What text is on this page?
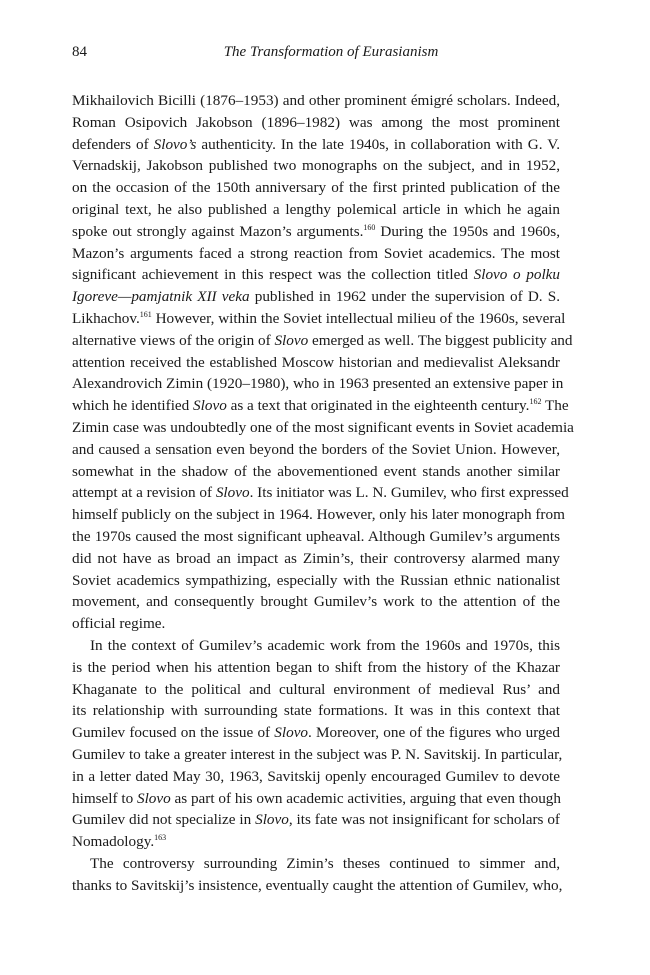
84	The Transformation of Eurasianism
Mikhailovich Bicilli (1876–1953) and other prominent émigré scholars. Indeed,
Roman Osipovich Jakobson (1896–1982) was among the most prominent
defenders of Slovo’s authenticity. In the late 1940s, in collaboration with G. V.
Vernadskij, Jakobson published two monographs on the subject, and in 1952,
on the occasion of the 150th anniversary of the first printed publication of the
original text, he also published a lengthy polemical article in which he again
spoke out strongly against Mazon’s arguments.$^{160}$ During the 1950s and 1960s,
Mazon’s arguments faced a strong reaction from Soviet academics. The most
significant achievement in this respect was the collection titled Slovo o polku
Igoreve—pamjatnik XII veka published in 1962 under the supervision of D. S.
Likhachov.$^{161}$ However, within the Soviet intellectual milieu of the 1960s, several
alternative views of the origin of Slovo emerged as well. The biggest publicity and
attention received the established Moscow historian and medievalist Aleksandr
Alexandrovich Zimin (1920–1980), who in 1963 presented an extensive paper in
which he identified Slovo as a text that originated in the eighteenth century.$^{162}$ The
Zimin case was undoubtedly one of the most significant events in Soviet academia
and caused a sensation even beyond the borders of the Soviet Union. However,
somewhat in the shadow of the abovementioned event stands another similar
attempt at a revision of Slovo. Its initiator was L. N. Gumilev, who first expressed
himself publicly on the subject in 1964. However, only his later monograph from
the 1970s caused the most significant upheaval. Although Gumilev’s arguments
did not have as broad an impact as Zimin’s, their controversy alarmed many
Soviet academics sympathizing, especially with the Russian ethnic nationalist
movement, and consequently brought Gumilev’s work to the attention of the
official regime.
In the context of Gumilev’s academic work from the 1960s and 1970s, this
is the period when his attention began to shift from the history of the Khazar
Khaganate to the political and cultural environment of medieval Rus’ and
its relationship with surrounding state formations. It was in this context that
Gumilev focused on the issue of Slovo. Moreover, one of the figures who urged
Gumilev to take a greater interest in the subject was P. N. Savitskij. In particular,
in a letter dated May 30, 1963, Savitskij openly encouraged Gumilev to devote
himself to Slovo as part of his own academic activities, arguing that even though
Gumilev did not specialize in Slovo, its fate was not insignificant for scholars of
Nomadology.$^{163}$
The controversy surrounding Zimin’s theses continued to simmer and,
thanks to Savitskij’s insistence, eventually caught the attention of Gumilev, who,
